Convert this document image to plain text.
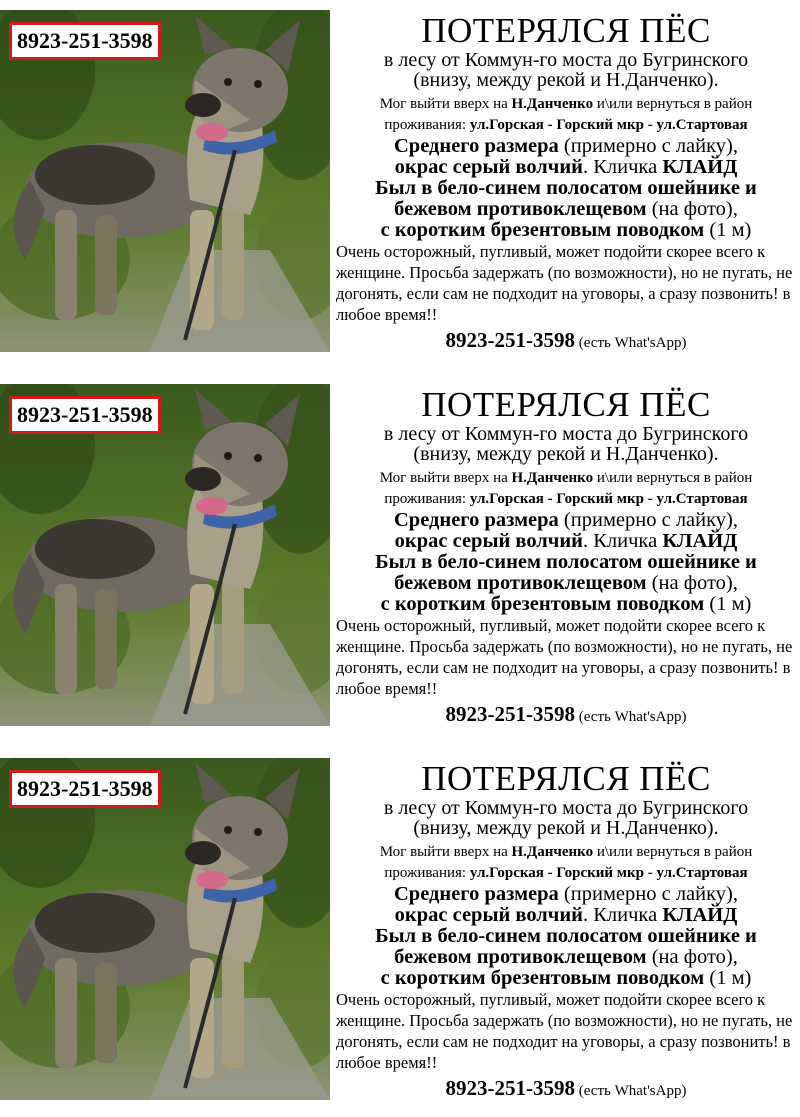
8923-251-3598	ПОТЕРЯЛСЯ ПЁС
в лесу от Коммун-го моста до Бугринского
(внизу, между рекой и Н.Данченко).
Мог выйти вверх на Н.Данченко и\или вернуться в район
проживания: ул.Горская - Горский мкр - ул.Стартовая
Среднего размера (примерно с лайку),
окрас серый волчий. Кличка КЛАЙД
Был в бело-синем полосатом ошейнике и
бежевом противоклещевом (на фото),
с коротким брезентовым поводком (1 м)
Очень осторожный, пугливый, может подойти скорее всего к женщине. Просьба задержать (по возможности), но не пугать, не догонять, если сам не подходит на уговоры, а сразу позвонить! в любое время!!
8923-251-3598 (есть What'sApp)
8923-251-3598	ПОТЕРЯЛСЯ ПЁС
в лесу от Коммун-го моста до Бугринского
(внизу, между рекой и Н.Данченко).
Мог выйти вверх на Н.Данченко и\или вернуться в район
проживания: ул.Горская - Горский мкр - ул.Стартовая
Среднего размера (примерно с лайку),
окрас серый волчий. Кличка КЛАЙД
Был в бело-синем полосатом ошейнике и
бежевом противоклещевом (на фото),
с коротким брезентовым поводком (1 м)
Очень осторожный, пугливый, может подойти скорее всего к женщине. Просьба задержать (по возможности), но не пугать, не догонять, если сам не подходит на уговоры, а сразу позвонить! в любое время!!
8923-251-3598 (есть What'sApp)
8923-251-3598	ПОТЕРЯЛСЯ ПЁС
в лесу от Коммун-го моста до Бугринского
(внизу, между рекой и Н.Данченко).
Мог выйти вверх на Н.Данченко и\или вернуться в район
проживания: ул.Горская - Горский мкр - ул.Стартовая
Среднего размера (примерно с лайку),
окрас серый волчий. Кличка КЛАЙД
Был в бело-синем полосатом ошейнике и
бежевом противоклещевом (на фото),
с коротким брезентовым поводком (1 м)
Очень осторожный, пугливый, может подойти скорее всего к женщине. Просьба задержать (по возможности), но не пугать, не догонять, если сам не подходит на уговоры, а сразу позвонить! в любое время!!
8923-251-3598 (есть What'sApp)
